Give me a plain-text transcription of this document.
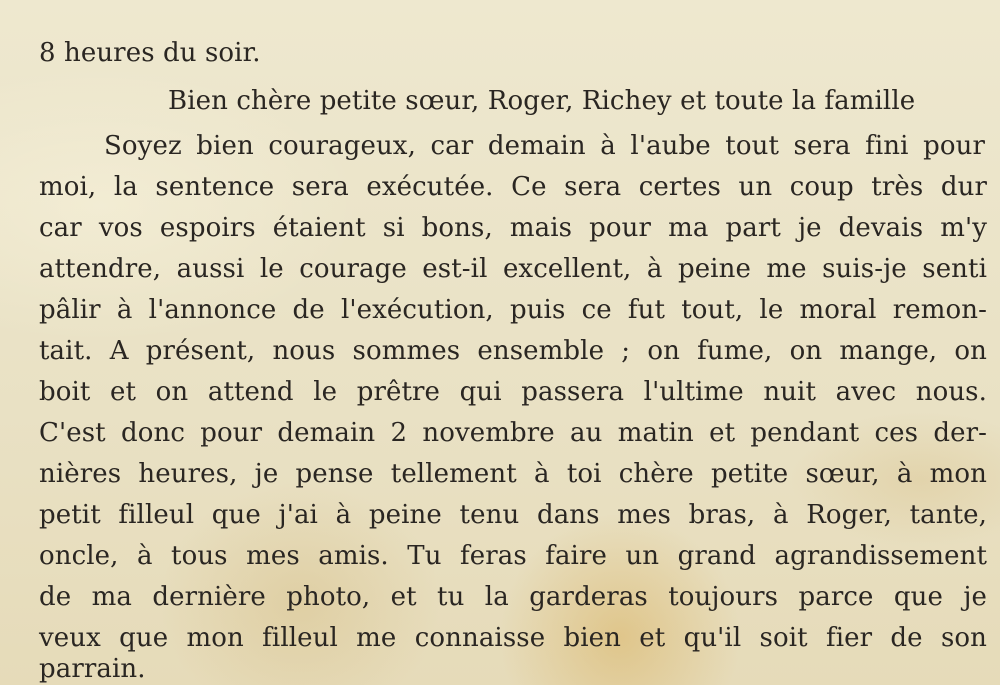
8 heures du soir.
Bien chère petite sœur, Roger, Richey et toute la famille
Soyez bien courageux, car demain à l'aube tout sera fini pour
moi, la sentence sera exécutée. Ce sera certes un coup très dur
car vos espoirs étaient si bons, mais pour ma part je devais m'y
attendre, aussi le courage est-il excellent, à peine me suis-je senti
pâlir à l'annonce de l'exécution, puis ce fut tout, le moral remon-
tait. A présent, nous sommes ensemble ; on fume, on mange, on
boit et on attend le prêtre qui passera l'ultime nuit avec nous.
C'est donc pour demain 2 novembre au matin et pendant ces der-
nières heures, je pense tellement à toi chère petite sœur, à mon
petit filleul que j'ai à peine tenu dans mes bras, à Roger, tante,
oncle, à tous mes amis. Tu feras faire un grand agrandissement
de ma dernière photo, et tu la garderas toujours parce que je
veux que mon filleul me connaisse bien et qu'il soit fier de son
parrain.
